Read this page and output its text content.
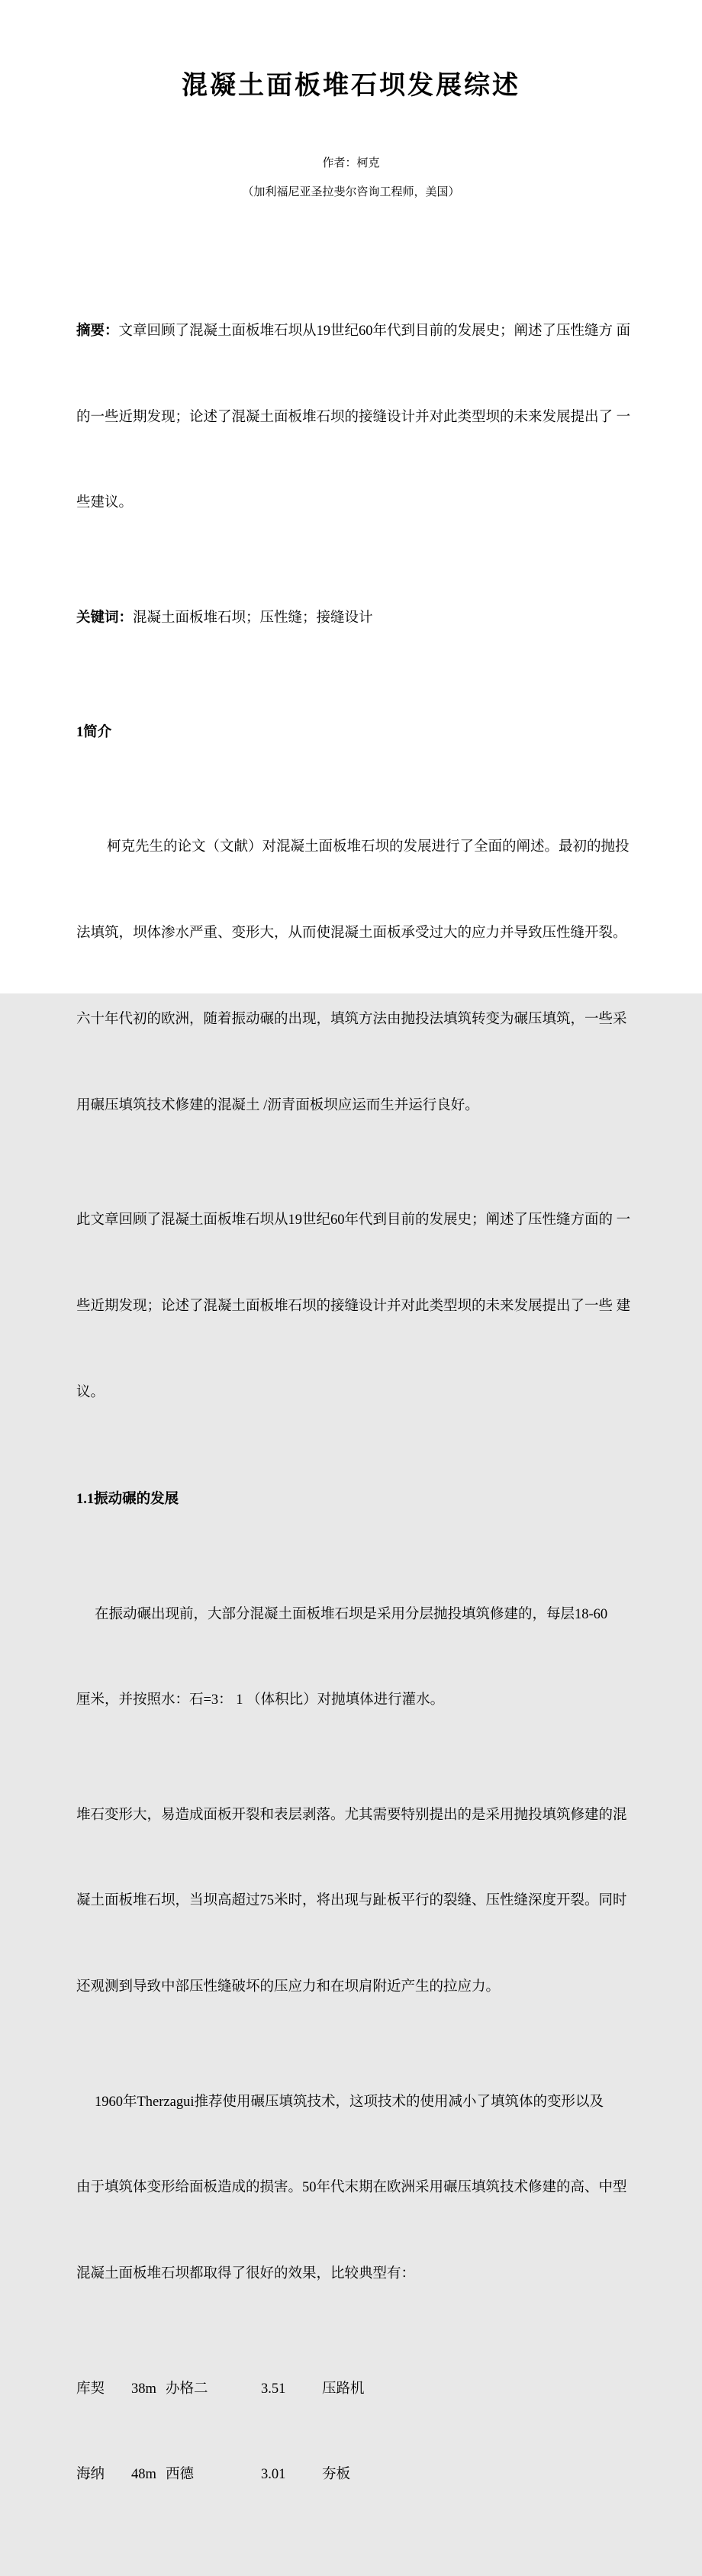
混凝土面板堆石坝发展综述
作者：柯克
（加利福尼亚圣拉斐尔咨询工程师，美国）

摘要：文章回顾了混凝土面板堆石坝从19世纪60年代到目前的发展史；阐述了压性缝方 面

的一些近期发现；论述了混凝土面板堆石坝的接缝设计并对此类型坝的未来发展提出了 一

些建议。

关键词：混凝土面板堆石坝；压性缝；接缝设计

1简介

柯克先生的论文（文献）对混凝土面板堆石坝的发展进行了全面的阐述。最初的抛投

法填筑，坝体渗水严重、变形大，从而使混凝土面板承受过大的应力并导致压性缝开裂。

六十年代初的欧洲，随着振动碾的出现，填筑方法由抛投法填筑转变为碾压填筑，一些采

用碾压填筑技术修建的混凝土 /沥青面板坝应运而生并运行良好。

此文章回顾了混凝土面板堆石坝从19世纪60年代到目前的发展史；阐述了压性缝方面的 一

些近期发现；论述了混凝土面板堆石坝的接缝设计并对此类型坝的未来发展提出了一些 建

议。

1.1振动碾的发展

在振动碾出现前，大部分混凝土面板堆石坝是采用分层抛投填筑修建的，每层18-60

厘米，并按照水：石=3： 1 （体积比）对抛填体进行灌水。

堆石变形大，易造成面板开裂和表层剥落。尤其需要特别提出的是采用抛投填筑修建的混

凝土面板堆石坝，当坝高超过75米时，将出现与趾板平行的裂缝、压性缝深度开裂。同时

还观测到导致中部压性缝破坏的压应力和在坝肩附近产生的拉应力。

1960年Therzagui推荐使用碾压填筑技术，这项技术的使用减小了填筑体的变形以及

由于填筑体变形给面板造成的损害。50年代末期在欧洲采用碾压填筑技术修建的高、中型

混凝土面板堆石坝都取得了很好的效果，比较典型有：

库契 38m 办格二	3.51	压路机

海纳 48m 西德	3.01	夯板
